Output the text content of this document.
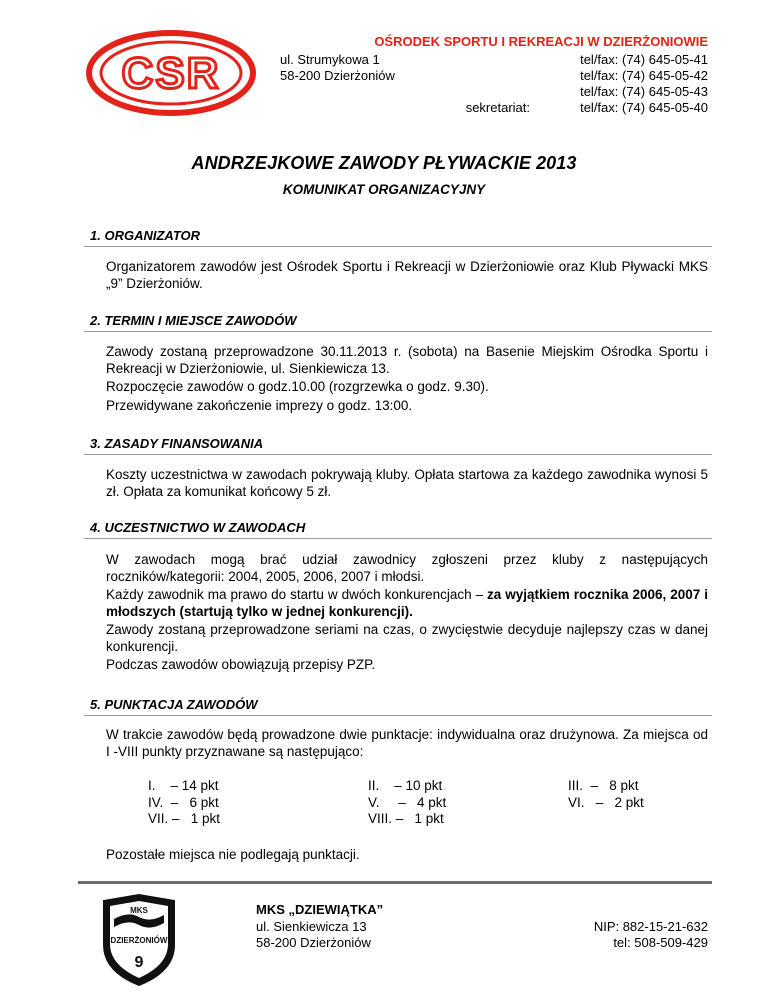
CSR
OŚRODEK SPORTU I REKREACJI W DZIERŻONIOWIE
ul. Strumykowa 1
58-200 Dzierżoniów
sekretariat:
tel/fax: (74) 645-05-41
tel/fax: (74) 645-05-42
tel/fax: (74) 645-05-43
tel/fax: (74) 645-05-40
ANDRZEJKOWE ZAWODY PŁYWACKIE 2013
KOMUNIKAT ORGANIZACYJNY
1. ORGANIZATOR

Organizatorem zawodów jest Ośrodek Sportu i Rekreacji w Dzierżoniowie oraz Klub Pływacki MKS „9” Dzierżoniów.

2. TERMIN I MIEJSCE ZAWODÓW

Zawody zostaną przeprowadzone 30.11.2013 r. (sobota) na Basenie Miejskim Ośrodka Sportu i Rekreacji w Dzierżoniowie, ul. Sienkiewicza 13.

Rozpoczęcie zawodów o godz.10.00 (rozgrzewka o godz. 9.30).

Przewidywane zakończenie imprezy o godz. 13:00.

3. ZASADY FINANSOWANIA

Koszty uczestnictwa w zawodach pokrywają kluby. Opłata startowa za każdego zawodnika wynosi 5 zł. Opłata za komunikat końcowy 5 zł.

4. UCZESTNICTWO W ZAWODACH

W zawodach mogą brać udział zawodnicy zgłoszeni przez kluby z następujących roczników/kategorii: 2004, 2005, 2006, 2007 i młodsi.

Każdy zawodnik ma prawo do startu w dwóch konkurencjach – za wyjątkiem rocznika 2006, 2007 i młodszych (startują tylko w jednej konkurencji).

Zawody zostaną przeprowadzone seriami na czas, o zwycięstwie decyduje najlepszy czas w danej konkurencji.

Podczas zawodów obowiązują przepisy PZP.

5. PUNKTACJA ZAWODÓW

W trakcie zawodów będą prowadzone dwie punktacje: indywidualna oraz drużynowa. Za miejsca od I -VIII punkty przyznawane są następująco:

I.    – 14 pkt
IV.  –   6 pkt
VII. –   1 pkt
II.    – 10 pkt
V.     –   4 pkt
VIII. –   1 pkt
III.  –   8 pkt
VI.   –   2 pkt

Pozostałe miejsca nie podlegają punktacji.

MKS
DZIERŻONIÓW
9
MKS „DZIEWIĄTKA”
ul. Sienkiewicza 13
58-200 Dzierżoniów
NIP: 882-15-21-632
tel: 508-509-429
